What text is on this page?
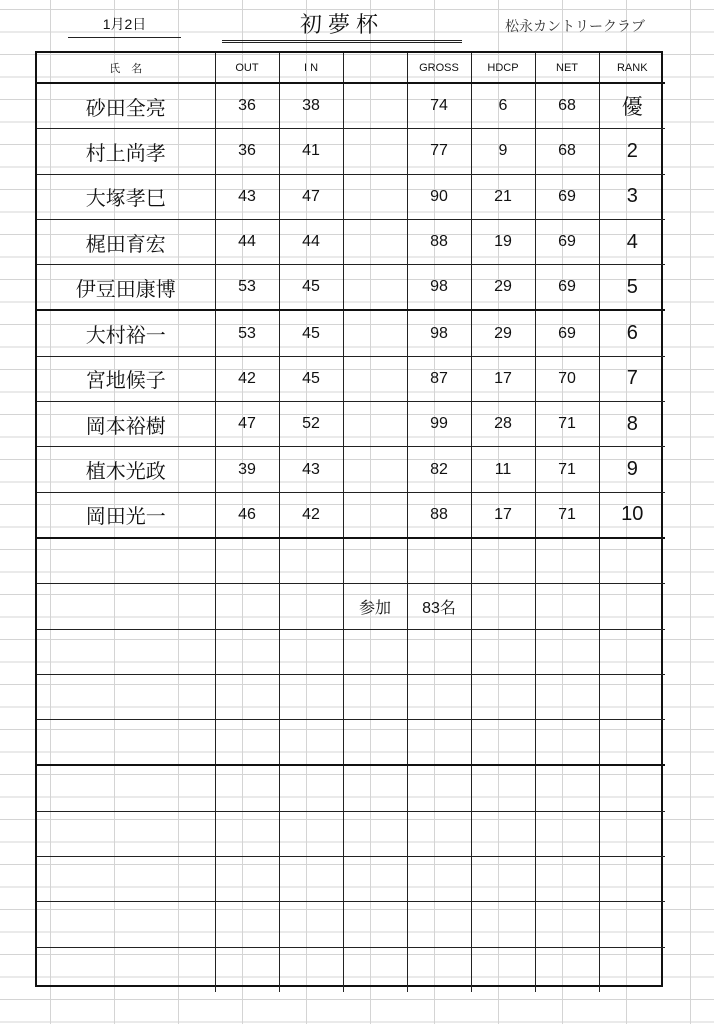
1月2日	初夢杯	松永カントリークラブ
氏　名	OUT	I N		GROSS	HDCP	NET	RANK
砂田全亮	36	38		74	6	68	優
村上尚孝	36	41		77	9	68	2
大塚孝巳	43	47		90	21	69	3
梶田育宏	44	44		88	19	69	4
伊豆田康博	53	45		98	29	69	5
大村裕一	53	45		98	29	69	6
宮地候子	42	45		87	17	70	7
岡本裕樹	47	52		99	28	71	8
植木光政	39	43		82	11	71	9
岡田光一	46	42		88	17	71	10

			参加	83名			
